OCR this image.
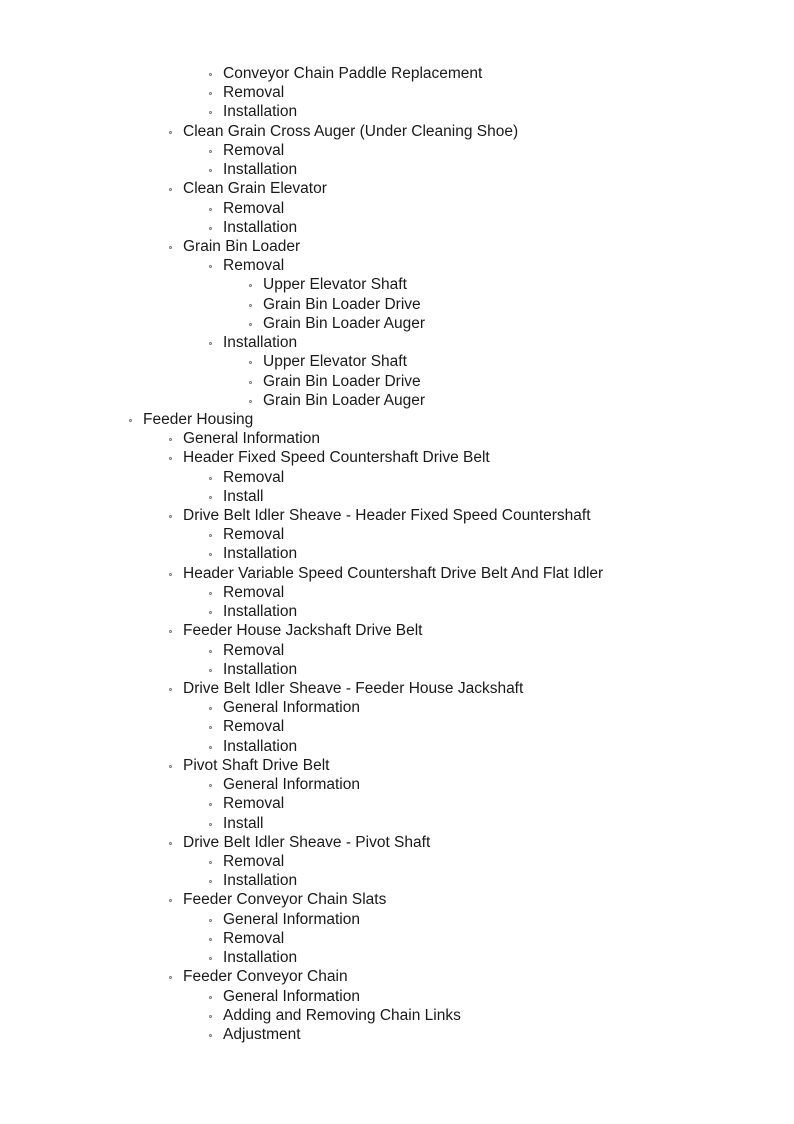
Conveyor Chain Paddle Replacement
Removal
Installation
Clean Grain Cross Auger (Under Cleaning Shoe)
Removal
Installation
Clean Grain Elevator
Removal
Installation
Grain Bin Loader
Removal
Upper Elevator Shaft
Grain Bin Loader Drive
Grain Bin Loader Auger
Installation
Upper Elevator Shaft
Grain Bin Loader Drive
Grain Bin Loader Auger
Feeder Housing
General Information
Header Fixed Speed Countershaft Drive Belt
Removal
Install
Drive Belt Idler Sheave - Header Fixed Speed Countershaft
Removal
Installation
Header Variable Speed Countershaft Drive Belt And Flat Idler
Removal
Installation
Feeder House Jackshaft Drive Belt
Removal
Installation
Drive Belt Idler Sheave - Feeder House Jackshaft
General Information
Removal
Installation
Pivot Shaft Drive Belt
General Information
Removal
Install
Drive Belt Idler Sheave - Pivot Shaft
Removal
Installation
Feeder Conveyor Chain Slats
General Information
Removal
Installation
Feeder Conveyor Chain
General Information
Adding and Removing Chain Links
Adjustment
